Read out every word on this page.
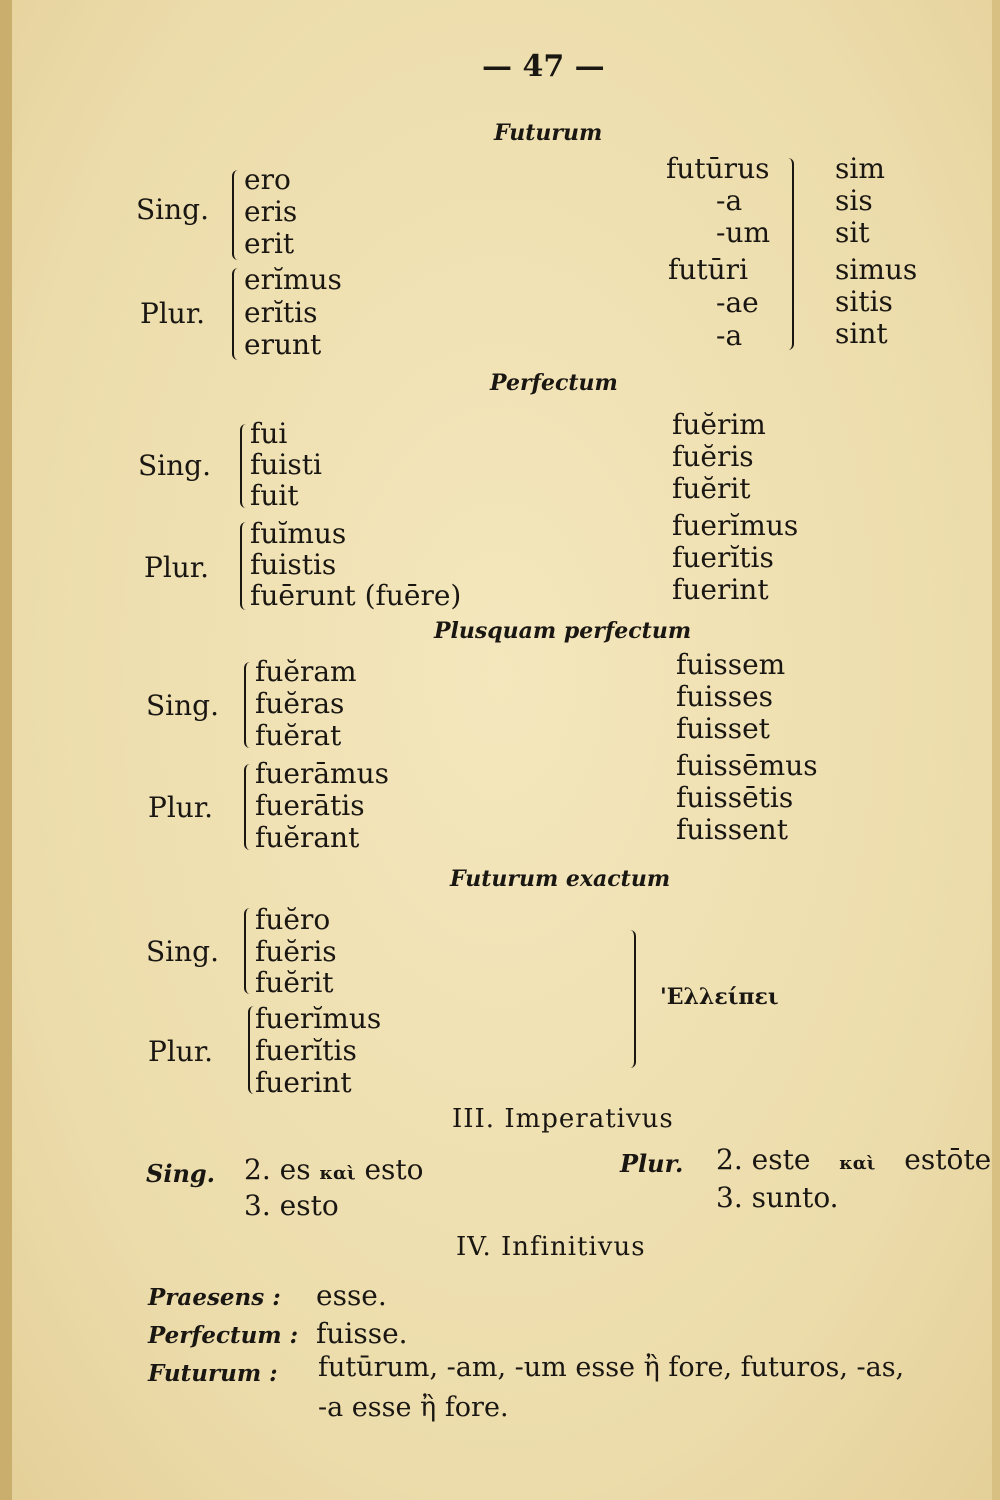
— 47 —
Futurum
Sing.
ero
eris
erit
Plur.
erĭmus
erĭtis
erunt
futūrus
-a
-um
futūri
-ae
-a
sim
sis
sit
simus
sitis
sint
Perfectum
Sing.
fui
fuisti
fuit
Plur.
fuĭmus
fuistis
fuērunt (fuēre)
fuĕrim
fuĕris
fuĕrit
fuerĭmus
fuerĭtis
fuerint
Plusquam perfectum
Sing.
fuĕram
fuĕras
fuĕrat
Plur.
fuerāmus
fuerātis
fuĕrant
fuissem
fuisses
fuisset
fuissēmus
fuissētis
fuissent
Futurum exactum
Sing.
fuĕro
fuĕris
fuĕrit
Plur.
fuerĭmus
fuerĭtis
fuerint
'Ελλείπει
III. Imperativus
Sing. 2. es καὶ esto
3. esto
Plur. 2. este καὶ estōte
3. sunto.
IV. Infinitivus
Praesens : esse.
Perfectum : fuisse.
Futurum : futūrum, -am, -um esse ἢ fore, futuros, -as,
-a esse ἢ fore.
